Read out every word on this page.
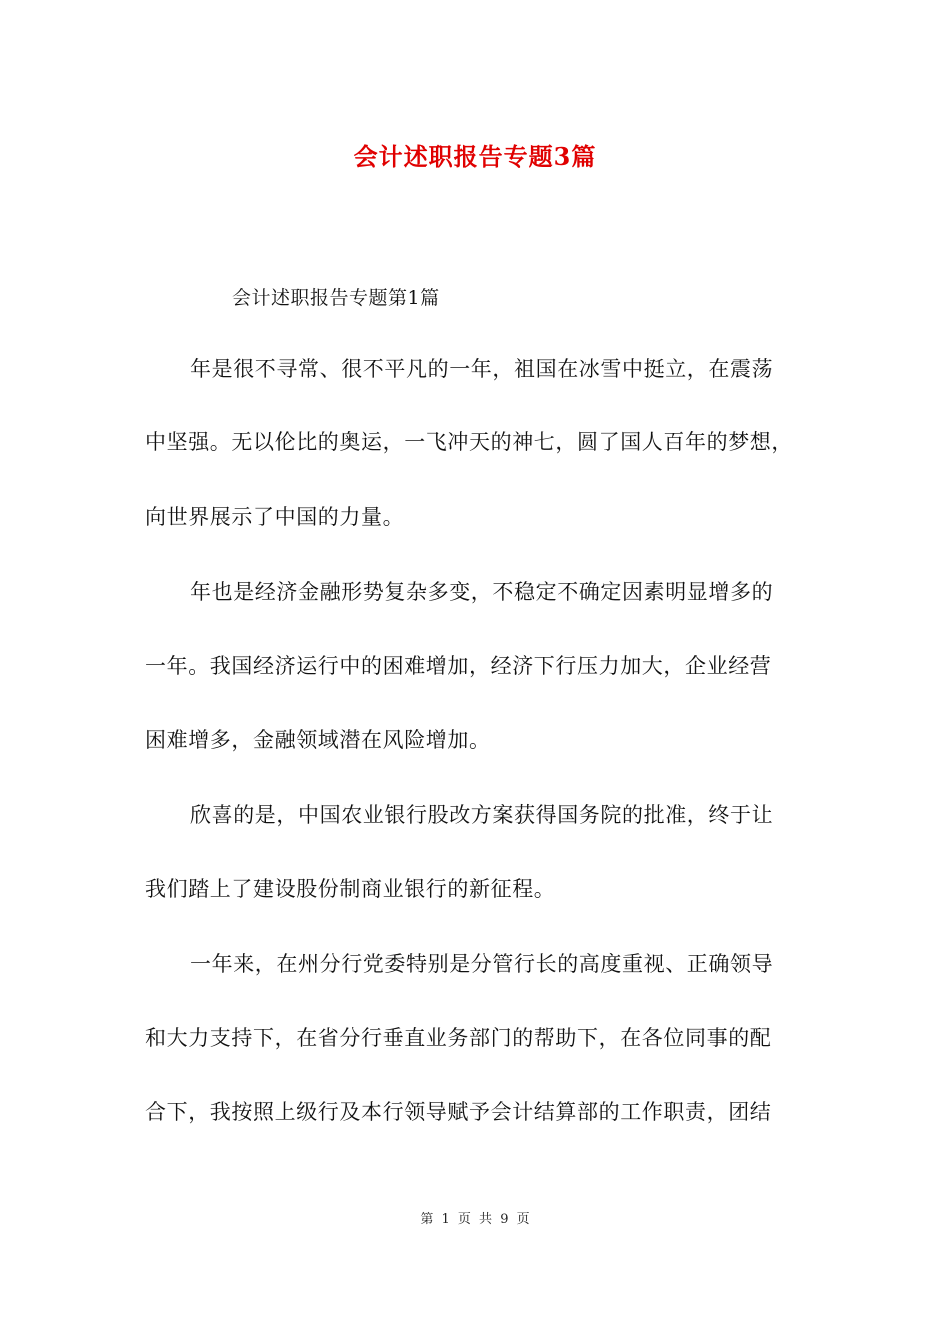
会计述职报告专题3篇
会计述职报告专题第1篇
年是很不寻常、很不平凡的一年，祖国在冰雪中挺立，在震荡
中坚强。无以伦比的奥运，一飞冲天的神七，圆了国人百年的梦想，
向世界展示了中国的力量。
年也是经济金融形势复杂多变，不稳定不确定因素明显增多的
一年。我国经济运行中的困难增加，经济下行压力加大，企业经营
困难增多，金融领域潜在风险增加。
欣喜的是，中国农业银行股改方案获得国务院的批准，终于让
我们踏上了建设股份制商业银行的新征程。
一年来，在州分行党委特别是分管行长的高度重视、正确领导
和大力支持下，在省分行垂直业务部门的帮助下，在各位同事的配
合下，我按照上级行及本行领导赋予会计结算部的工作职责，团结
第 1 页 共 9 页
